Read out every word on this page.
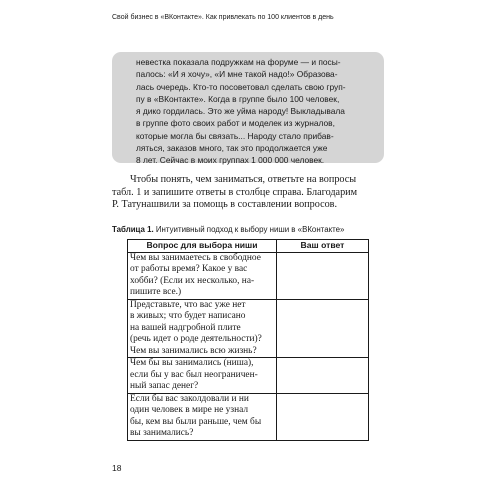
Свой бизнес в «ВКонтакте». Как привлекать по 100 клиентов в день
невестка показала подружкам на форуме — и посы-
палось: «И я хочу», «И мне такой надо!» Образова-
лась очередь. Кто-то посоветовал сделать свою груп-
пу в «ВКонтакте». Когда в группе было 100 человек,
я дико гордилась. Это же уйма народу! Выкладывала
в группе фото своих работ и моделек из журналов,
которые могла бы связать... Народу стало прибав-
ляться, заказов много, так это продолжается уже
8 лет. Сейчас в моих группах 1 000 000 человек.
Чтобы понять, чем заниматься, ответьте на вопросы
табл. 1 и запишите ответы в столбце справа. Благодарим
Р. Татунашвили за помощь в составлении вопросов.
Таблица 1. Интуитивный подход к выбору ниши в «ВКонтакте»
Вопрос для выбора ниши	Ваш ответ

Чем вы занимаетесь в свободное
от работы время? Какое у вас
хобби? (Если их несколько, на-
пишите все.)	

Представьте, что вас уже нет
в живых; что будет написано
на вашей надгробной плите
(речь идет о роде деятельности)?
Чем вы занимались всю жизнь?	

Чем бы вы занимались (ниша),
если бы у вас был неограничен-
ный запас денег?	

Если бы вас заколдовали и ни
один человек в мире не узнал
бы, кем вы были раньше, чем бы
вы занимались?	

18
